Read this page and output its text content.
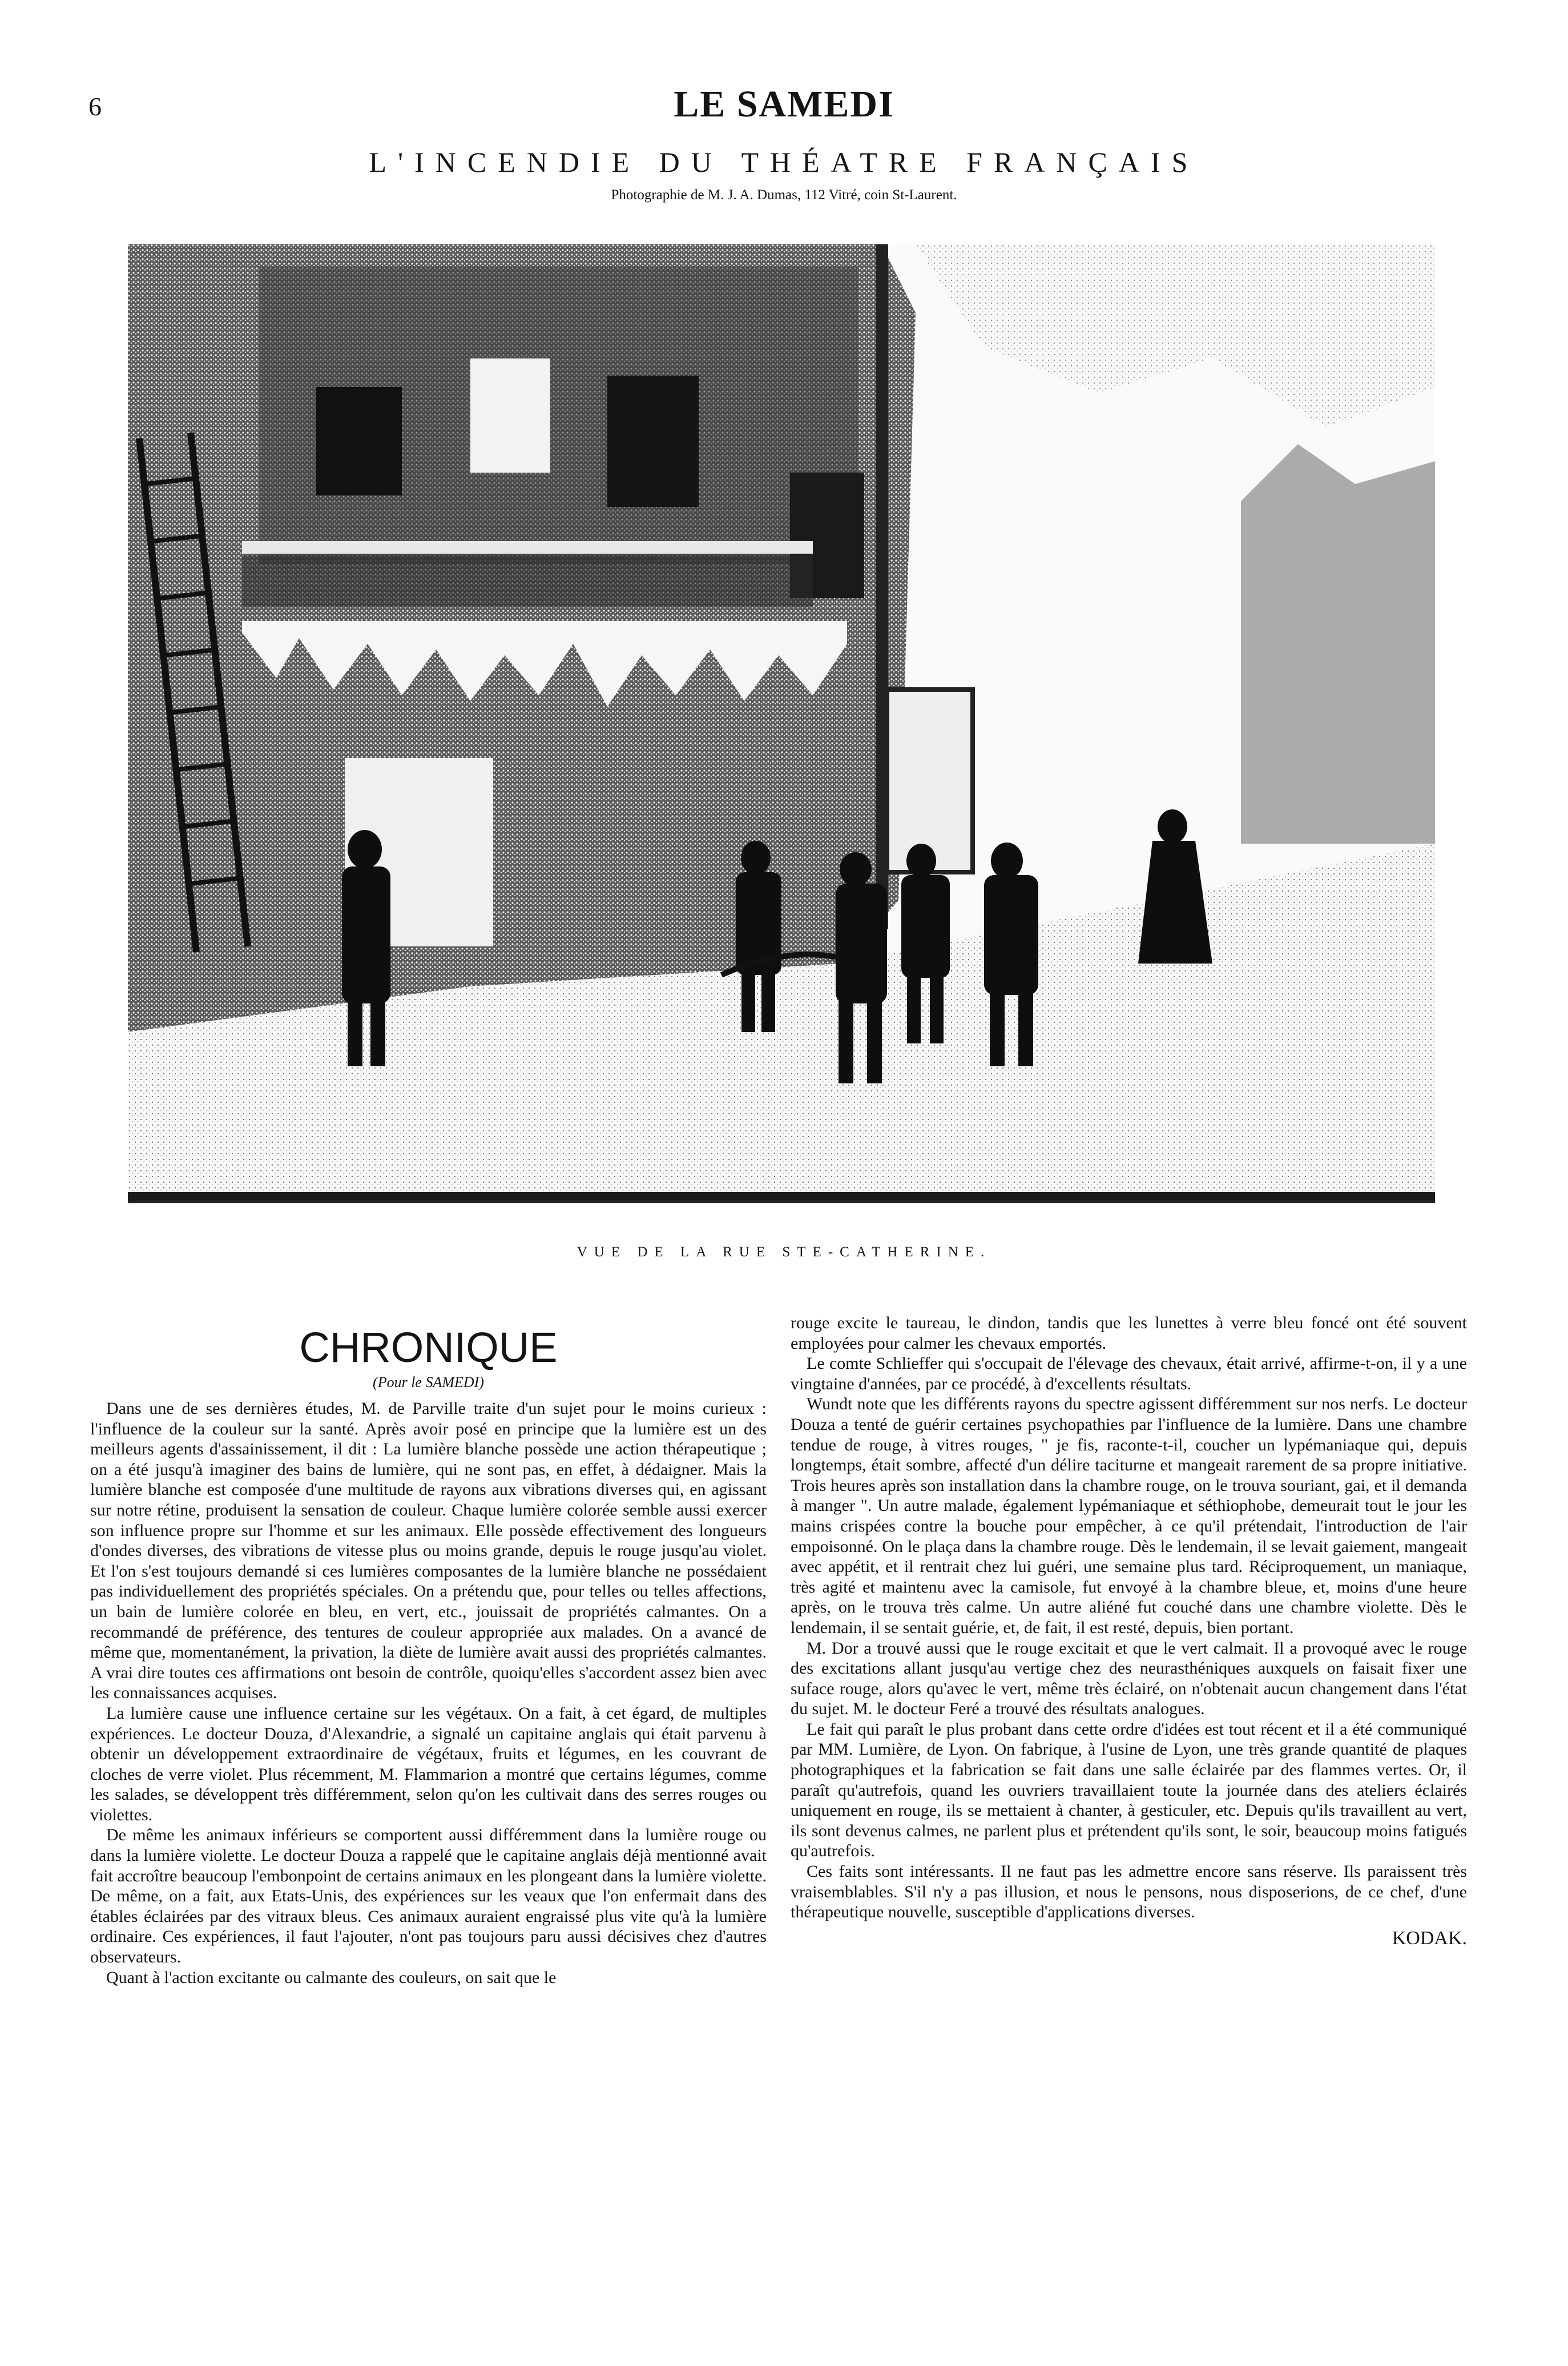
6	LE SAMEDI
L'INCENDIE DU THÉATRE FRANÇAIS
Photographie de M. J. A. Dumas, 112 Vitré, coin St-Laurent.
VUE DE LA RUE STE-CATHERINE.

CHRONIQUE

(Pour le SAMEDI)

Dans une de ses dernières études, M. de Parville traite d'un sujet pour le moins curieux : l'influence de la couleur sur la santé. Après avoir posé en principe que la lumière est un des meilleurs agents d'assainissement, il dit : La lumière blanche possède une action thérapeutique ; on a été jusqu'à imaginer des bains de lumière, qui ne sont pas, en effet, à dédaigner. Mais la lumière blanche est composée d'une multitude de rayons aux vibrations diverses qui, en agissant sur notre rétine, produisent la sensation de couleur. Chaque lumière colorée semble aussi exercer son influence propre sur l'homme et sur les animaux. Elle possède effectivement des longueurs d'ondes diverses, des vibrations de vitesse plus ou moins grande, depuis le rouge jusqu'au violet. Et l'on s'est toujours demandé si ces lumières composantes de la lumière blanche ne possédaient pas individuellement des propriétés spéciales. On a prétendu que, pour telles ou telles affections, un bain de lumière colorée en bleu, en vert, etc., jouissait de propriétés calmantes. On a recommandé de préférence, des tentures de couleur appropriée aux malades. On a avancé de même que, momentanément, la privation, la diète de lumière avait aussi des propriétés calmantes. A vrai dire toutes ces affirmations ont besoin de contrôle, quoiqu'elles s'accordent assez bien avec les connaissances acquises.

La lumière cause une influence certaine sur les végétaux. On a fait, à cet égard, de multiples expériences. Le docteur Douza, d'Alexandrie, a signalé un capitaine anglais qui était parvenu à obtenir un développement extraordinaire de végétaux, fruits et légumes, en les couvrant de cloches de verre violet. Plus récemment, M. Flammarion a montré que certains légumes, comme les salades, se développent très différemment, selon qu'on les cultivait dans des serres rouges ou violettes.

De même les animaux inférieurs se comportent aussi différemment dans la lumière rouge ou dans la lumière violette. Le docteur Douza a rappelé que le capitaine anglais déjà mentionné avait fait accroître beaucoup l'embonpoint de certains animaux en les plongeant dans la lumière violette. De même, on a fait, aux Etats-Unis, des expériences sur les veaux que l'on enfermait dans des étables éclairées par des vitraux bleus. Ces animaux auraient engraissé plus vite qu'à la lumière ordinaire. Ces expériences, il faut l'ajouter, n'ont pas toujours paru aussi décisives chez d'autres observateurs.

Quant à l'action excitante ou calmante des couleurs, on sait que le

rouge excite le taureau, le dindon, tandis que les lunettes à verre bleu foncé ont été souvent employées pour calmer les chevaux emportés.

Le comte Schlieffer qui s'occupait de l'élevage des chevaux, était arrivé, affirme-t-on, il y a une vingtaine d'années, par ce procédé, à d'excellents résultats.

Wundt note que les différents rayons du spectre agissent différemment sur nos nerfs. Le docteur Douza a tenté de guérir certaines psychopathies par l'influence de la lumière. Dans une chambre tendue de rouge, à vitres rouges, " je fis, raconte-t-il, coucher un lypémaniaque qui, depuis longtemps, était sombre, affecté d'un délire taciturne et mangeait rarement de sa propre initiative. Trois heures après son installation dans la chambre rouge, on le trouva souriant, gai, et il demanda à manger ". Un autre malade, également lypémaniaque et séthiophobe, demeurait tout le jour les mains crispées contre la bouche pour empêcher, à ce qu'il prétendait, l'introduction de l'air empoisonné. On le plaça dans la chambre rouge. Dès le lendemain, il se levait gaiement, mangeait avec appétit, et il rentrait chez lui guéri, une semaine plus tard. Réciproquement, un maniaque, très agité et maintenu avec la camisole, fut envoyé à la chambre bleue, et, moins d'une heure après, on le trouva très calme. Un autre aliéné fut couché dans une chambre violette. Dès le lendemain, il se sentait guérie, et, de fait, il est resté, depuis, bien portant.

M. Dor a trouvé aussi que le rouge excitait et que le vert calmait. Il a provoqué avec le rouge des excitations allant jusqu'au vertige chez des neurasthéniques auxquels on faisait fixer une suface rouge, alors qu'avec le vert, même très éclairé, on n'obtenait aucun changement dans l'état du sujet. M. le docteur Feré a trouvé des résultats analogues.

Le fait qui paraît le plus probant dans cette ordre d'idées est tout récent et il a été communiqué par MM. Lumière, de Lyon. On fabrique, à l'usine de Lyon, une très grande quantité de plaques photographiques et la fabrication se fait dans une salle éclairée par des flammes vertes. Or, il paraît qu'autrefois, quand les ouvriers travaillaient toute la journée dans des ateliers éclairés uniquement en rouge, ils se mettaient à chanter, à gesticuler, etc. Depuis qu'ils travaillent au vert, ils sont devenus calmes, ne parlent plus et prétendent qu'ils sont, le soir, beaucoup moins fatigués qu'autrefois.

Ces faits sont intéressants. Il ne faut pas les admettre encore sans réserve. Ils paraissent très vraisemblables. S'il n'y a pas illusion, et nous le pensons, nous disposerions, de ce chef, d'une thérapeutique nouvelle, susceptible d'applications diverses.

KODAK.
